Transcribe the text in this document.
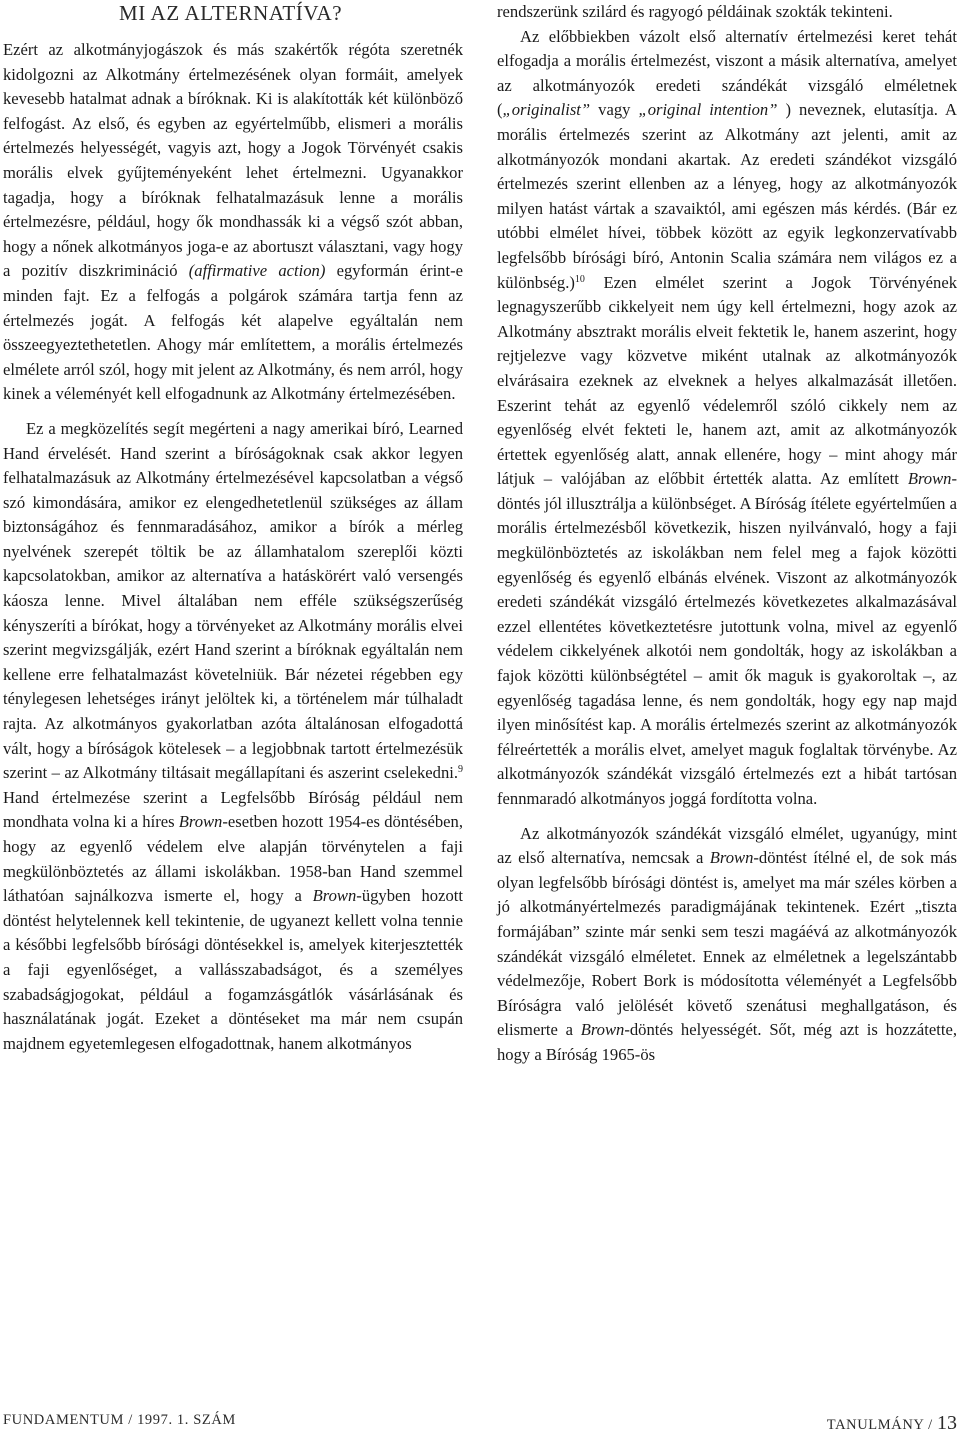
MI AZ ALTERNATÍVA?

Ezért az alkotmányjogászok és más szakértők régóta szeretnék kidolgozni az Alkotmány értelmezésének olyan formáit, amelyek kevesebb hatalmat adnak a bíróknak. Ki is alakították két különböző felfogást. Az első, és egyben az egyértelműbb, elismeri a morális értelmezés helyességét, vagyis azt, hogy a Jogok Törvényét csakis morális elvek gyűjteményeként lehet értelmezni. Ugyanakkor tagadja, hogy a bíróknak felhatalmazásuk lenne a morális értelmezésre, például, hogy ők mondhassák ki a végső szót abban, hogy a nőnek alkotmányos joga-e az abortuszt választani, vagy hogy a pozitív diszkrimináció (affirmative action) egyformán érint-e minden fajt. Ez a felfogás a polgárok számára tartja fenn az értelmezés jogát. A felfogás két alapelve egyáltalán nem összeegyeztethetetlen. Ahogy már említettem, a morális értelmezés elmélete arról szól, hogy mit jelent az Alkotmány, és nem arról, hogy kinek a véleményét kell elfogadnunk az Alkotmány értelmezésében.

Ez a megközelítés segít megérteni a nagy amerikai bíró, Learned Hand érvelését. Hand szerint a bíróságoknak csak akkor legyen felhatalmazásuk az Alkotmány értelmezésével kapcsolatban a végső szó kimondására, amikor ez elengedhetetlenül szükséges az állam biztonságához és fennmaradásához, amikor a bírók a mérleg nyelvének szerepét töltik be az államhatalom szereplői közti kapcsolatokban, amikor az alternatíva a hatáskörért való versengés káosza lenne. Mivel általában nem efféle szükségszerűség kényszeríti a bírókat, hogy a törvényeket az Alkotmány morális elvei szerint megvizsgálják, ezért Hand szerint a bíróknak egyáltalán nem kellene erre felhatalmazást követelniük. Bár nézetei régebben egy ténylegesen lehetséges irányt jelöltek ki, a történelem már túlhaladt rajta. Az alkotmányos gyakorlatban azóta általánosan elfogadottá vált, hogy a bíróságok kötelesek – a legjobbnak tartott értelmezésük szerint – az Alkotmány tiltásait megállapítani és aszerint cselekedni.$^9$ Hand értelmezése szerint a Legfelsőbb Bíróság például nem mondhata volna ki a híres Brown-esetben hozott 1954-es döntésében, hogy az egyenlő védelem elve alapján törvénytelen a faji megkülönböztetés az állami iskolákban. 1958-ban Hand szemmel láthatóan sajnálkozva ismerte el, hogy a Brown-ügyben hozott döntést helytelennek kell tekintenie, de ugyanezt kellett volna tennie a későbbi legfelsőbb bírósági döntésekkel is, amelyek kiterjesztették a faji egyenlőséget, a vallásszabadságot, és a személyes szabadságjogokat, például a fogamzásgátlók vásárlásának és használatának jogát. Ezeket a döntéseket ma már nem csupán majdnem egyetemlegesen elfogadottnak, hanem alkotmányos

rendszerünk szilárd és ragyogó példáinak szokták tekinteni.

Az előbbiekben vázolt első alternatív értelmezési keret tehát elfogadja a morális értelmezést, viszont a másik alternatíva, amelyet az alkotmányozók eredeti szándékát vizsgáló elméletnek („originalist” vagy „original intention” ) neveznek, elutasítja. A morális értelmezés szerint az Alkotmány azt jelenti, amit az alkotmányozók mondani akartak. Az eredeti szándékot vizsgáló értelmezés szerint ellenben az a lényeg, hogy az alkotmányozók milyen hatást vártak a szavaiktól, ami egészen más kérdés. (Bár ez utóbbi elmélet hívei, többek között az egyik legkonzervatívabb legfelsőbb bírósági bíró, Antonin Scalia számára nem világos ez a különbség.)$^{10}$ Ezen elmélet szerint a Jogok Törvényének legnagyszerűbb cikkelyeit nem úgy kell értelmezni, hogy azok az Alkotmány absztrakt morális elveit fektetik le, hanem aszerint, hogy rejtjelezve vagy közvetve miként utalnak az alkotmányozók elvárásaira ezeknek az elveknek a helyes alkalmazását illetően. Eszerint tehát az egyenlő védelemről szóló cikkely nem az egyenlőség elvét fekteti le, hanem azt, amit az alkotmányozók értettek egyenlőség alatt, annak ellenére, hogy – mint ahogy már látjuk – valójában az előbbit értették alatta. Az említett Brown-döntés jól illusztrálja a különbséget. A Bíróság ítélete egyértelműen a morális értelmezésből következik, hiszen nyilvánvaló, hogy a faji megkülönböztetés az iskolákban nem felel meg a fajok közötti egyenlőség és egyenlő elbánás elvének. Viszont az alkotmányozók eredeti szándékát vizsgáló értelmezés következetes alkalmazásával ezzel ellentétes következtetésre jutottunk volna, mivel az egyenlő védelem cikkelyének alkotói nem gondolták, hogy az iskolákban a fajok közötti különbségtétel – amit ők maguk is gyakoroltak –, az egyenlőség tagadása lenne, és nem gondolták, hogy egy nap majd ilyen minősítést kap. A morális értelmezés szerint az alkotmányozók félreértették a morális elvet, amelyet maguk foglaltak törvénybe. Az alkotmányozók szándékát vizsgáló értelmezés ezt a hibát tartósan fennmaradó alkotmányos joggá fordította volna.

Az alkotmányozók szándékát vizsgáló elmélet, ugyanúgy, mint az első alternatíva, nemcsak a Brown-döntést ítélné el, de sok más olyan legfelsőbb bírósági döntést is, amelyet ma már széles körben a jó alkotmányértelmezés paradigmájának tekintenek. Ezért „tiszta formájában” szinte már senki sem teszi magáévá az alkotmányozók szándékát vizsgáló elméletet. Ennek az elméletnek a legelszántabb védelmezője, Robert Bork is módosította véleményét a Legfelsőbb Bíróságra való jelölését követő szenátusi meghallgatáson, és elismerte a Brown-döntés helyességét. Sőt, még azt is hozzátette, hogy a Bíróság 1965-ös

FUNDAMENTUM / 1997. 1. SZÁM	TANULMÁNY / 13
